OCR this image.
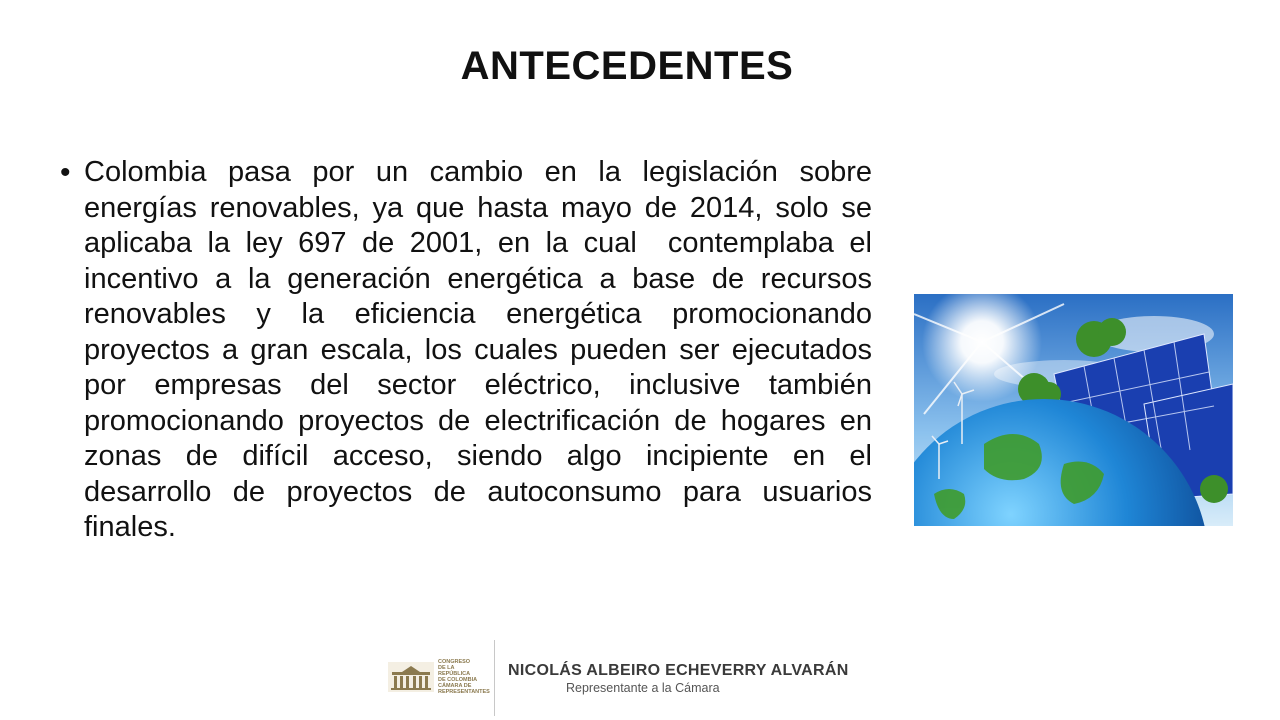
ANTECEDENTES
• Colombia pasa por un cambio en la legislación sobre energías renovables, ya que hasta mayo de 2014, solo se aplicaba la ley 697 de 2001, en la cual  contemplaba el incentivo a la generación energética a base de recursos renovables y la eficiencia energética promocionando proyectos a gran escala, los cuales pueden ser ejecutados por empresas del sector eléctrico, inclusive también promocionando proyectos de electrificación de hogares en zonas de difícil acceso, siendo algo incipiente en el desarrollo de proyectos de autoconsumo para usuarios finales.
CONGRESO
DE LA REPÚBLICA
DE COLOMBIA
CÁMARA DE REPRESENTANTES
NICOLÁS ALBEIRO ECHEVERRY ALVARÁN
Representante a la Cámara
